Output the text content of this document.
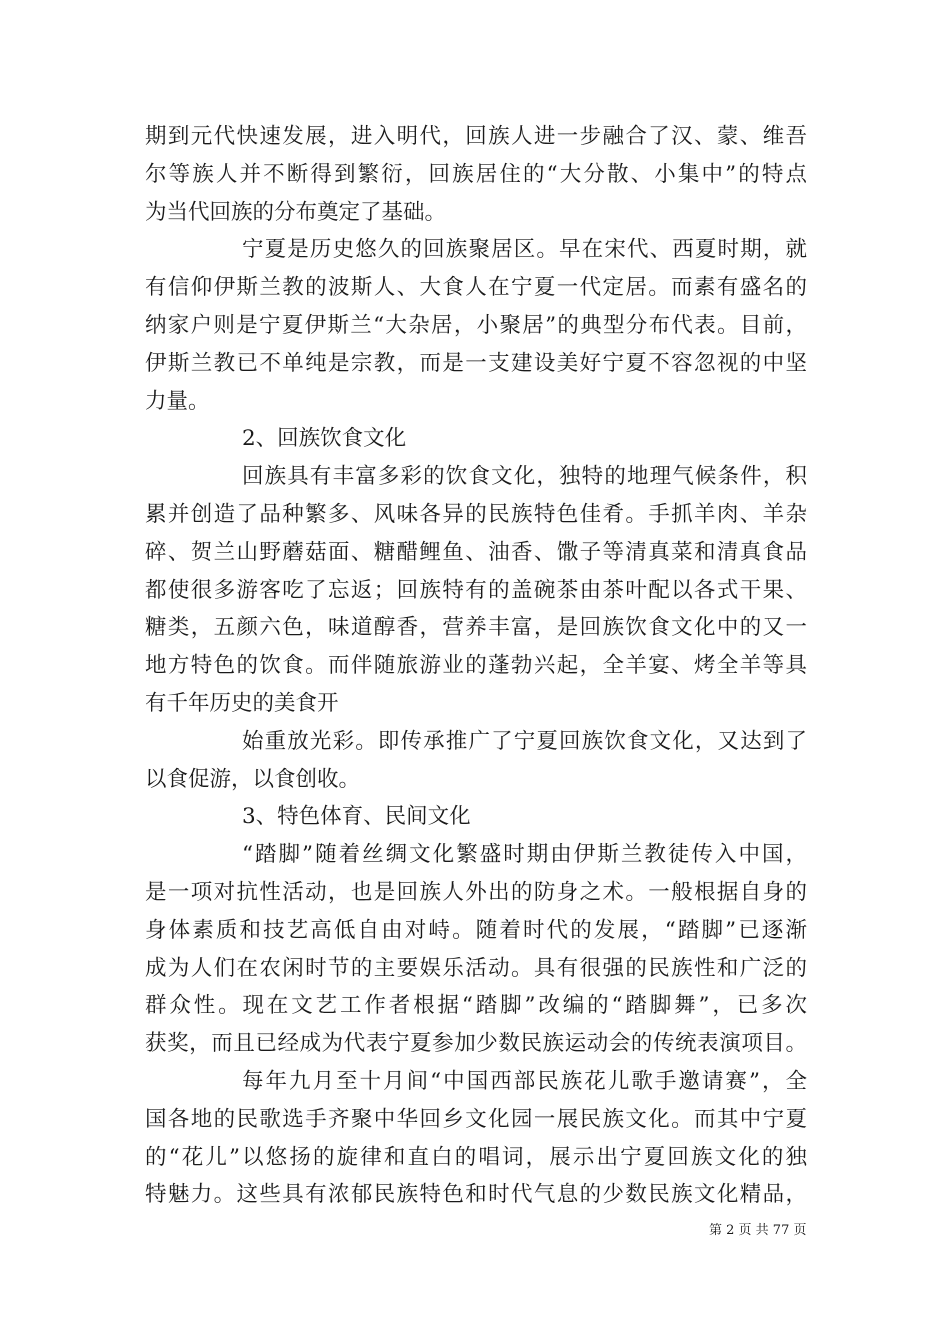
期到元代快速发展，进入明代，回族人进一步融合了汉、蒙、维吾
尔等族人并不断得到繁衍，回族居住的“大分散、小集中”的特点
为当代回族的分布奠定了基础。
宁夏是历史悠久的回族聚居区。早在宋代、西夏时期，就
有信仰伊斯兰教的波斯人、大食人在宁夏一代定居。而素有盛名的
纳家户则是宁夏伊斯兰“大杂居，小聚居”的典型分布代表。目前，
伊斯兰教已不单纯是宗教，而是一支建设美好宁夏不容忽视的中坚
力量。
2、回族饮食文化
回族具有丰富多彩的饮食文化，独特的地理气候条件，积
累并创造了品种繁多、风味各异的民族特色佳肴。手抓羊肉、羊杂
碎、贺兰山野蘑菇面、糖醋鲤鱼、油香、馓子等清真菜和清真食品
都使很多游客吃了忘返；回族特有的盖碗茶由茶叶配以各式干果、
糖类，五颜六色，味道醇香，营养丰富，是回族饮食文化中的又一
地方特色的饮食。而伴随旅游业的蓬勃兴起，全羊宴、烤全羊等具
有千年历史的美食开
始重放光彩。即传承推广了宁夏回族饮食文化，又达到了
以食促游，以食创收。
3、特色体育、民间文化
“踏脚”随着丝绸文化繁盛时期由伊斯兰教徒传入中国，
是一项对抗性活动，也是回族人外出的防身之术。一般根据自身的
身体素质和技艺高低自由对峙。随着时代的发展，“踏脚”已逐渐
成为人们在农闲时节的主要娱乐活动。具有很强的民族性和广泛的
群众性。现在文艺工作者根据“踏脚”改编的“踏脚舞”，已多次
获奖，而且已经成为代表宁夏参加少数民族运动会的传统表演项目。
每年九月至十月间“中国西部民族花儿歌手邀请赛”，全
国各地的民歌选手齐聚中华回乡文化园一展民族文化。而其中宁夏
的“花儿”以悠扬的旋律和直白的唱词，展示出宁夏回族文化的独
特魅力。这些具有浓郁民族特色和时代气息的少数民族文化精品，
第 2 页 共 77 页
